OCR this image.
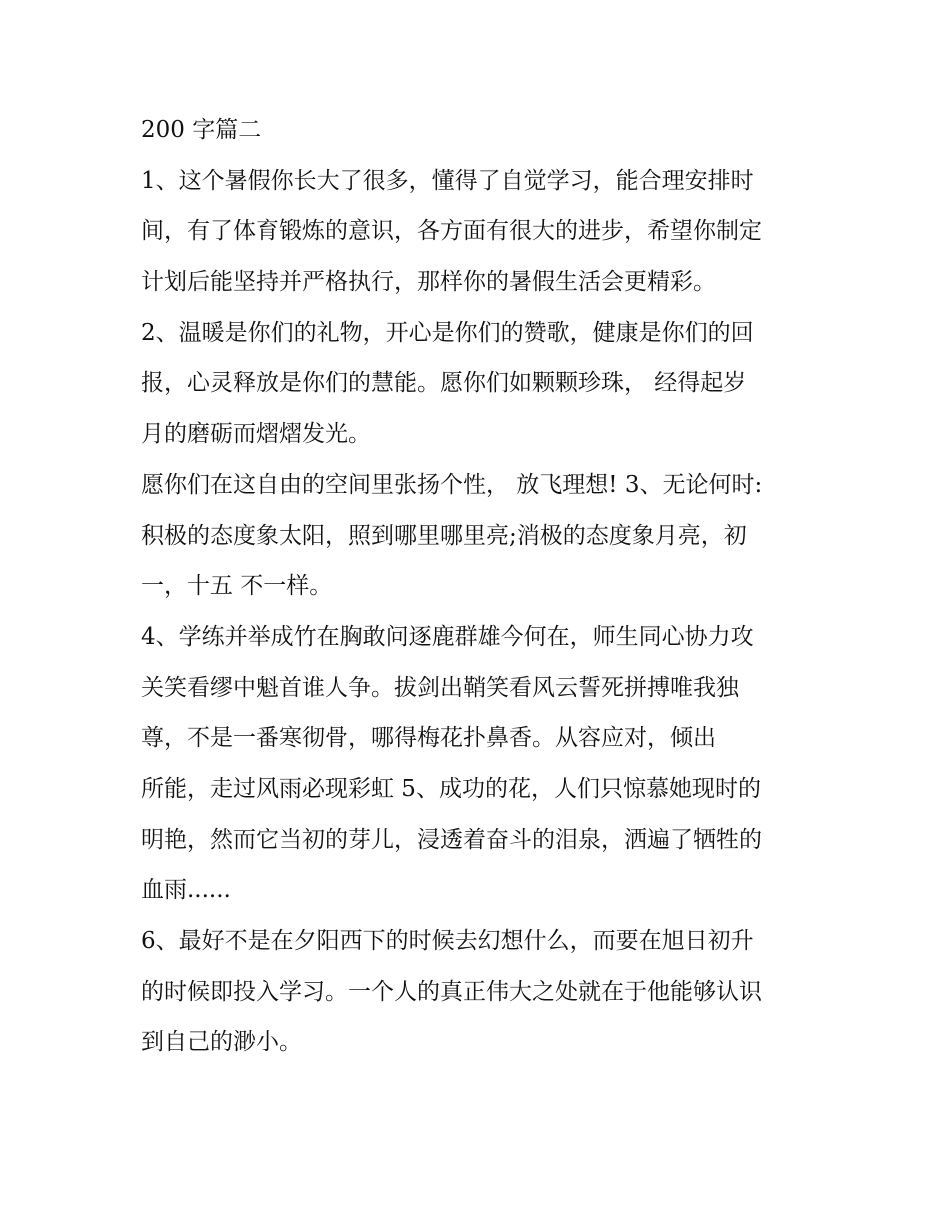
200 字篇二
1、这个暑假你长大了很多，懂得了自觉学习，能合理安排时
间，有了体育锻炼的意识，各方面有很大的进步，希望你制定
计划后能坚持并严格执行，那样你的暑假生活会更精彩。
2、温暖是你们的礼物，开心是你们的赞歌，健康是你们的回
报，心灵释放是你们的慧能。愿你们如颗颗珍珠， 经得起岁
月的磨砺而熠熠发光。
愿你们在这自由的空间里张扬个性， 放飞理想! 3、无论何时:
积极的态度象太阳，照到哪里哪里亮;消极的态度象月亮，初
一，十五 不一样。
4、学练并举成竹在胸敢问逐鹿群雄今何在，师生同心协力攻
关笑看缪中魁首谁人争。拔剑出鞘笑看风云誓死拼搏唯我独
尊，不是一番寒彻骨，哪得梅花扑鼻香。从容应对，倾出
所能，走过风雨必现彩虹 5、成功的花，人们只惊慕她现时的
明艳，然而它当初的芽儿，浸透着奋斗的泪泉，洒遍了牺牲的
血雨......
6、最好不是在夕阳西下的时候去幻想什么，而要在旭日初升
的时候即投入学习。一个人的真正伟大之处就在于他能够认识
到自己的渺小。
